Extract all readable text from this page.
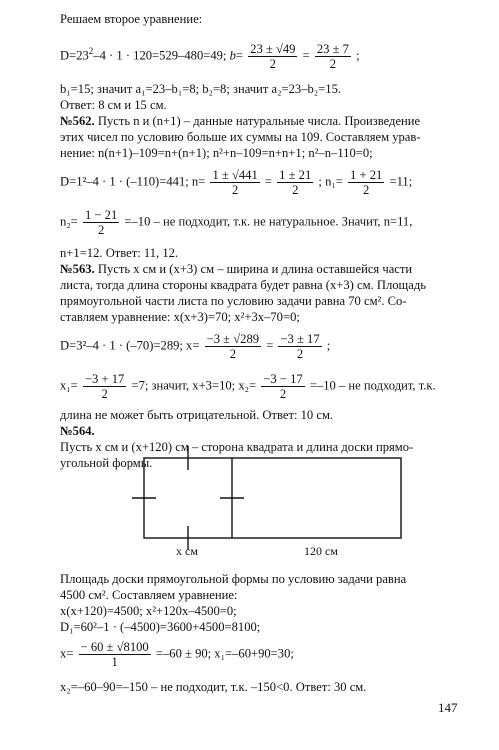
Решаем второе уравнение:
$D=23^2-4 \cdot 1 \cdot 120=529-480=49$; $b= \frac{23 \pm √49}{2} = \frac{23 \pm 7}{2}$ ;
b₁=15; значит a₁=23–b₁=8; b₂=8; значит a₂=23–b₂=15.
Ответ: 8 см и 15 см.
№562. Пусть n и (n+1) – данные натуральные числа. Произведение
этих чисел по условию больше их суммы на 109. Составляем урав-
нение: n(n+1)–109=n+(n+1); n²+n–109=n+n+1; n²–n–110=0;
D=1²–4 · 1 · (–110)=441; $n= \frac{1 \pm √441}{2} = \frac{1 \pm 21}{2}$ ; $n_1= \frac{1 + 21}{2} =11$;
$n_2= \frac{1 - 21}{2} =-10$ – не подходит, т.к. не натуральное. Значит, n=11,
n+1=12. Ответ: 11, 12.
№563. Пусть x см и (x+3) см – ширина и длина оставшейся части
листа, тогда длина стороны квадрата будет равна (x+3) см. Площадь
прямоугольной части листа по условию задачи равна 70 см². Со-
ставляем уравнение: x(x+3)=70; x²+3x–70=0;
D=3²–4 · 1 · (–70)=289; $x= \frac{-3 \pm √289}{2} = \frac{-3 \pm 17}{2}$ ;
$x_1= \frac{-3 + 17}{2} =7$; значит, x+3=10; $x_2= \frac{-3 - 17}{2} =-10$ – не подходит, т.к.
длина не может быть отрицательной. Ответ: 10 см.
№564.
Пусть x см и (x+120) см – сторона квадрата и длина доски прямо-
угольной формы.
Площадь доски прямоугольной формы по условию задачи равна
4500 см². Составляем уравнение:
x(x+120)=4500; x²+120x–4500=0;
D₁=60²–1 · (–4500)=3600+4500=8100;
$x= \frac{- 60 \pm √8100}{1} =-60 \pm 90$; x₁=–60+90=30;
x₂=–60–90=–150 – не подходит, т.к. –150<0. Ответ: 30 см.
x см	120 см
147
